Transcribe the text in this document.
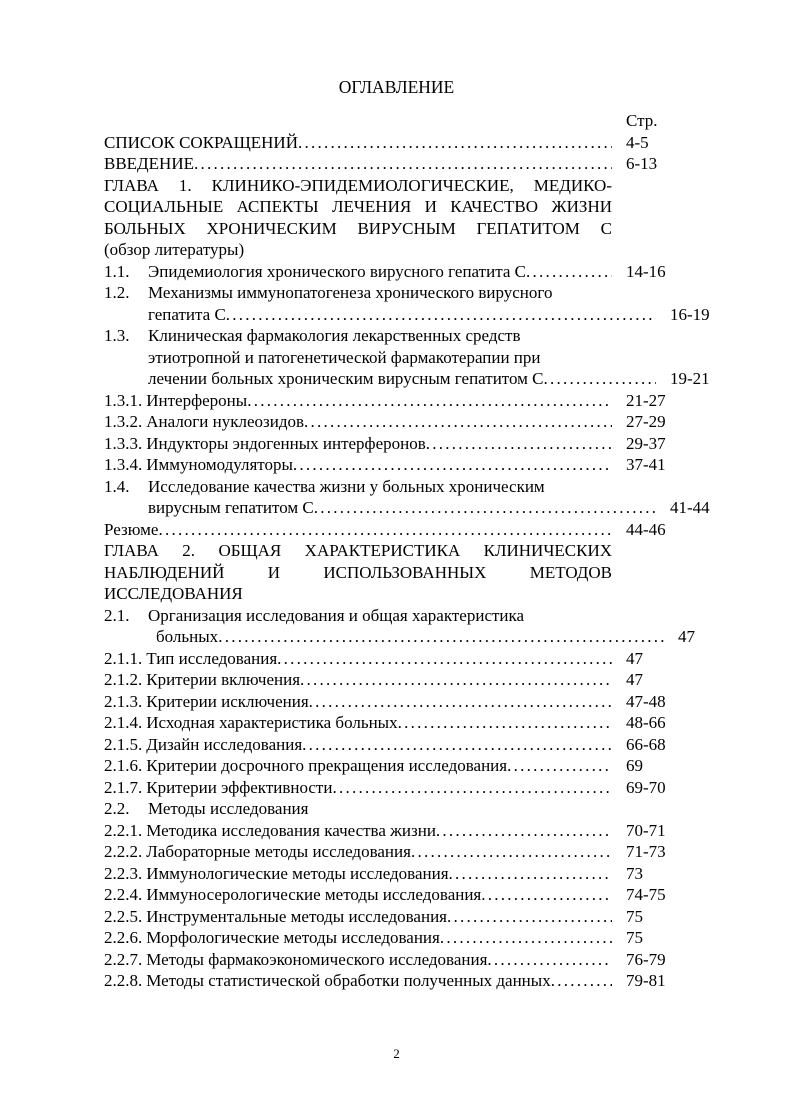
ОГЛАВЛЕНИЕ
Стр.
СПИСОК СОКРАЩЕНИЙ . . .	4-5
ВВЕДЕНИЕ . . .	6-13
ГЛАВА 1. КЛИНИКО-ЭПИДЕМИОЛОГИЧЕСКИЕ, МЕДИКО-
СОЦИАЛЬНЫЕ АСПЕКТЫ ЛЕЧЕНИЯ И КАЧЕСТВО ЖИЗНИ
БОЛЬНЫХ ХРОНИЧЕСКИМ ВИРУСНЫМ ГЕПАТИТОМ С
(обзор литературы)
1.1.	Эпидемиология хронического вирусного гепатита С . . .	14-16
1.2.	Механизмы иммунопатогенеза хронического вирусного
гепатита С . . .	16-19
1.3.	Клиническая фармакология лекарственных средств
этиотропной и патогенетической фармакотерапии при
лечении больных хроническим вирусным гепатитом С . . .	19-21
1.3.1. Интерфероны . . .	21-27
1.3.2. Аналоги нуклеозидов . . .	27-29
1.3.3. Индукторы эндогенных интерферонов . . .	29-37
1.3.4. Иммуномодуляторы . . .	37-41
1.4.	Исследование качества жизни у больных хроническим
вирусным гепатитом С . . .	41-44
Резюме . . .	44-46
ГЛАВА 2. ОБЩАЯ ХАРАКТЕРИСТИКА КЛИНИЧЕСКИХ
НАБЛЮДЕНИЙ И ИСПОЛЬЗОВАННЫХ МЕТОДОВ
ИССЛЕДОВАНИЯ
2.1.	Организация исследования и общая характеристика
больных . . .	47
2.1.1. Тип исследования . . .	47
2.1.2. Критерии включения . . .	47
2.1.3. Критерии исключения . . .	47-48
2.1.4. Исходная характеристика больных . . .	48-66
2.1.5. Дизайн исследования . . .	66-68
2.1.6. Критерии досрочного прекращения исследования . . .	69
2.1.7. Критерии эффективности . . .	69-70
2.2.	Методы исследования
2.2.1. Методика исследования качества жизни . . .	70-71
2.2.2. Лабораторные методы исследования . . .	71-73
2.2.3. Иммунологические методы исследования . . .	73
2.2.4. Иммуносерологические методы исследования . . .	74-75
2.2.5. Инструментальные методы исследования . . .	75
2.2.6. Морфологические методы исследования . . .	75
2.2.7. Методы фармакоэкономического исследования . . .	76-79
2.2.8. Методы статистической обработки полученных данных . . .	79-81
2
